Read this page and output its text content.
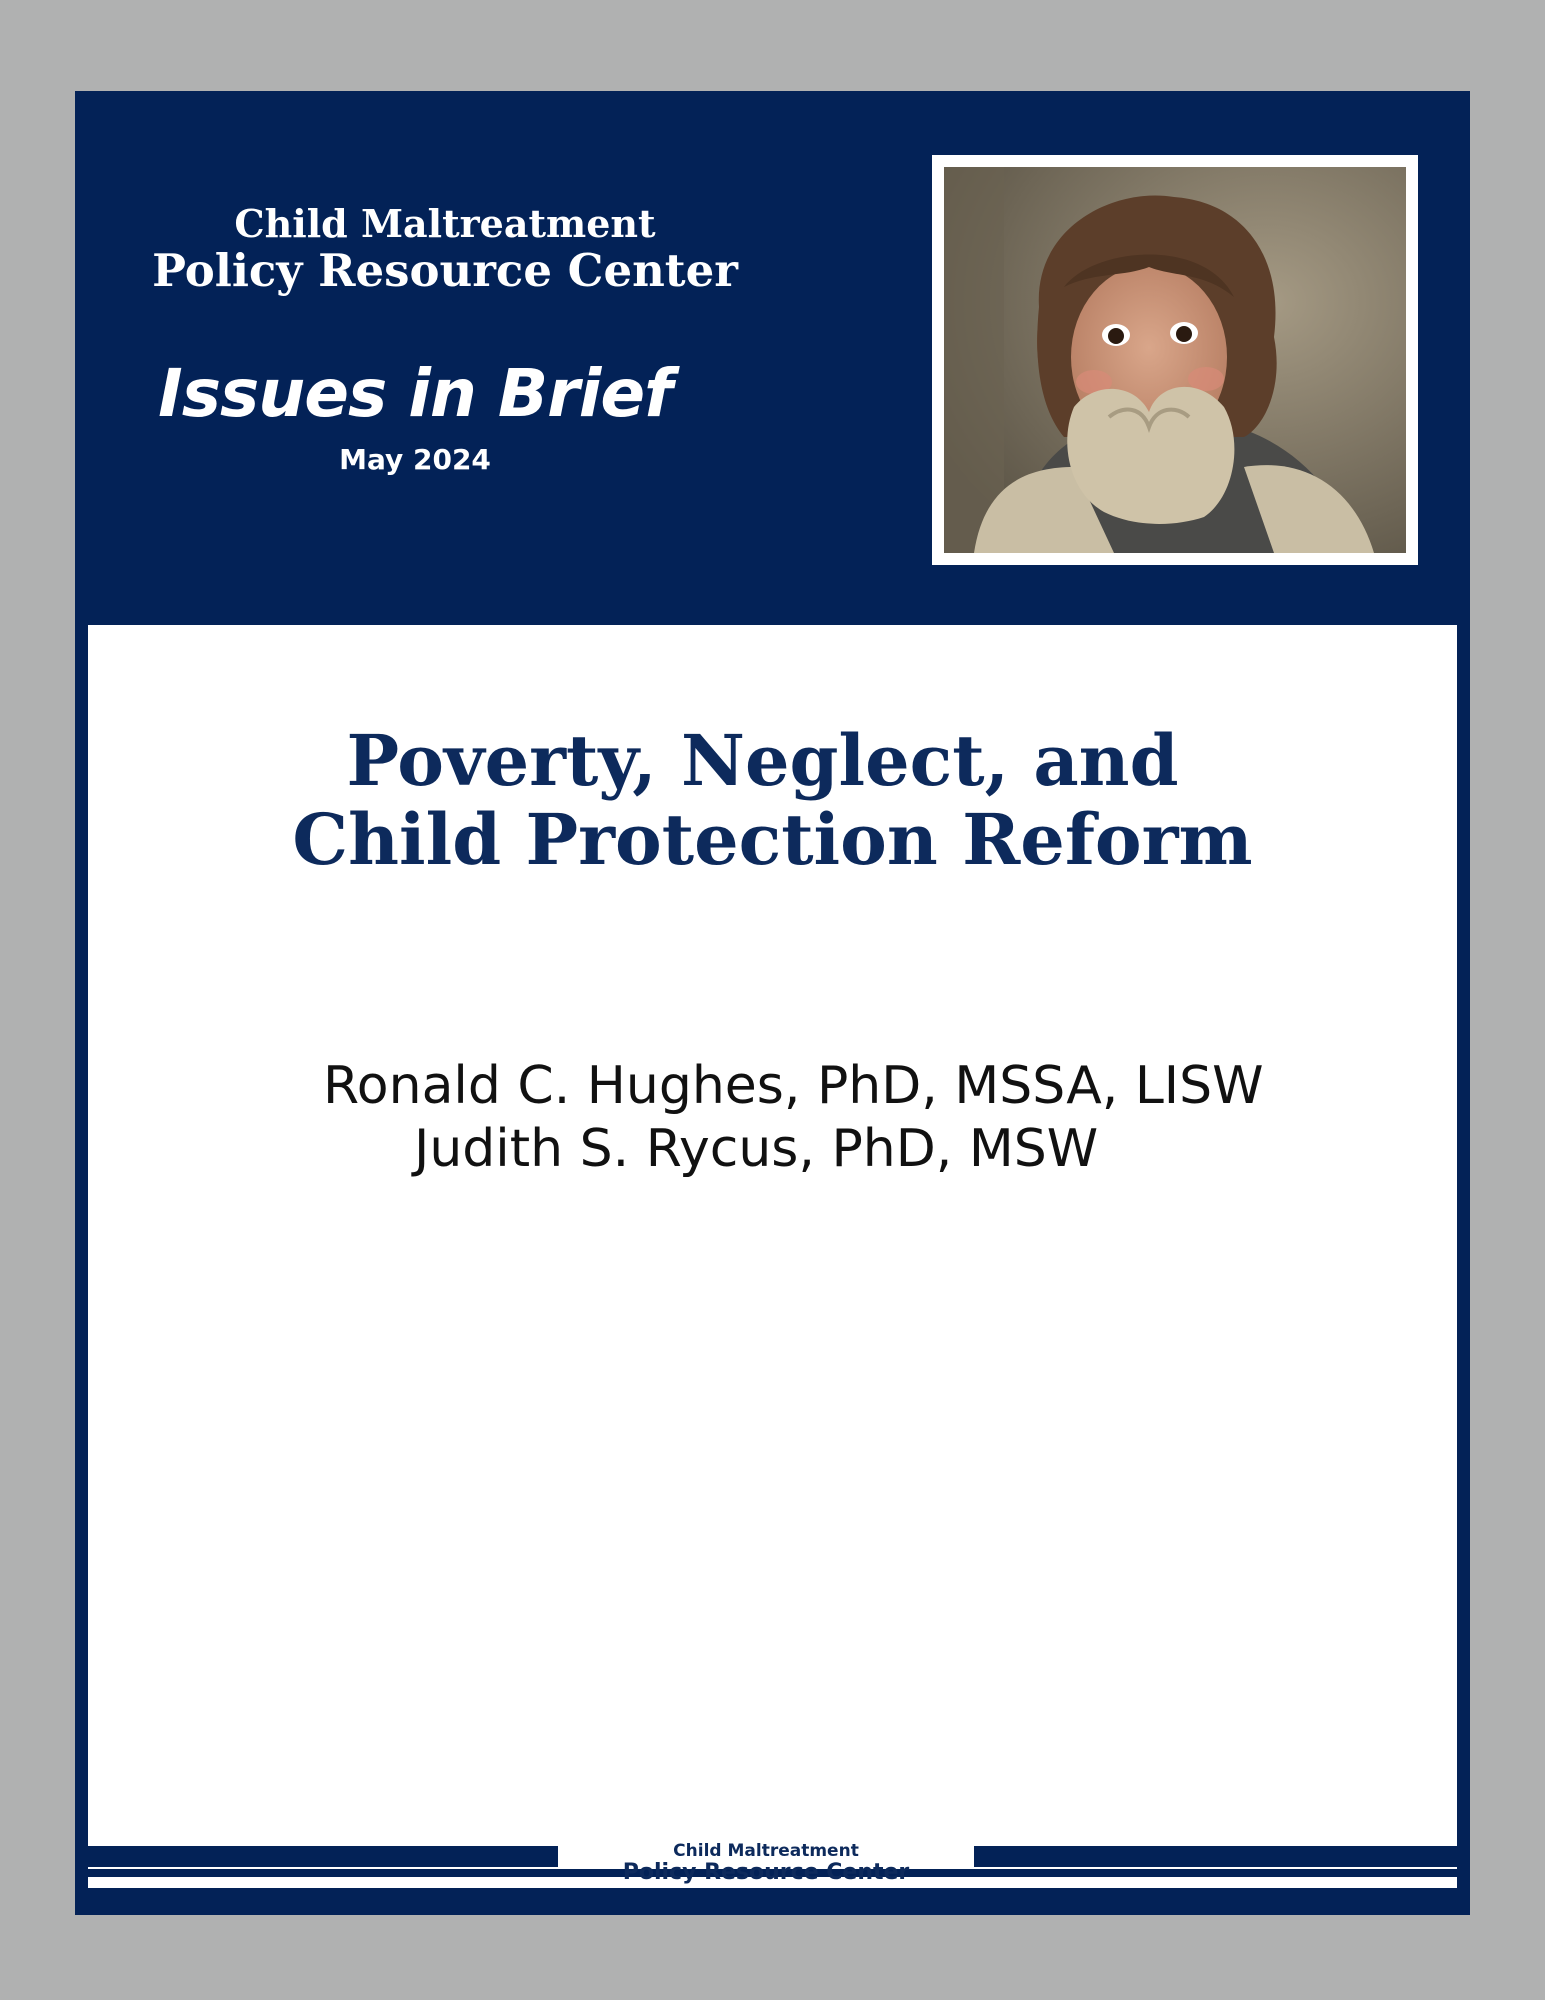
Child Maltreatment
Policy Resource Center
Issues in Brief
May 2024
Poverty, Neglect, and
Child Protection Reform
Ronald C. Hughes, PhD, MSSA, LISW
Judith S. Rycus, PhD, MSW
Child Maltreatment
Policy Resource Center
